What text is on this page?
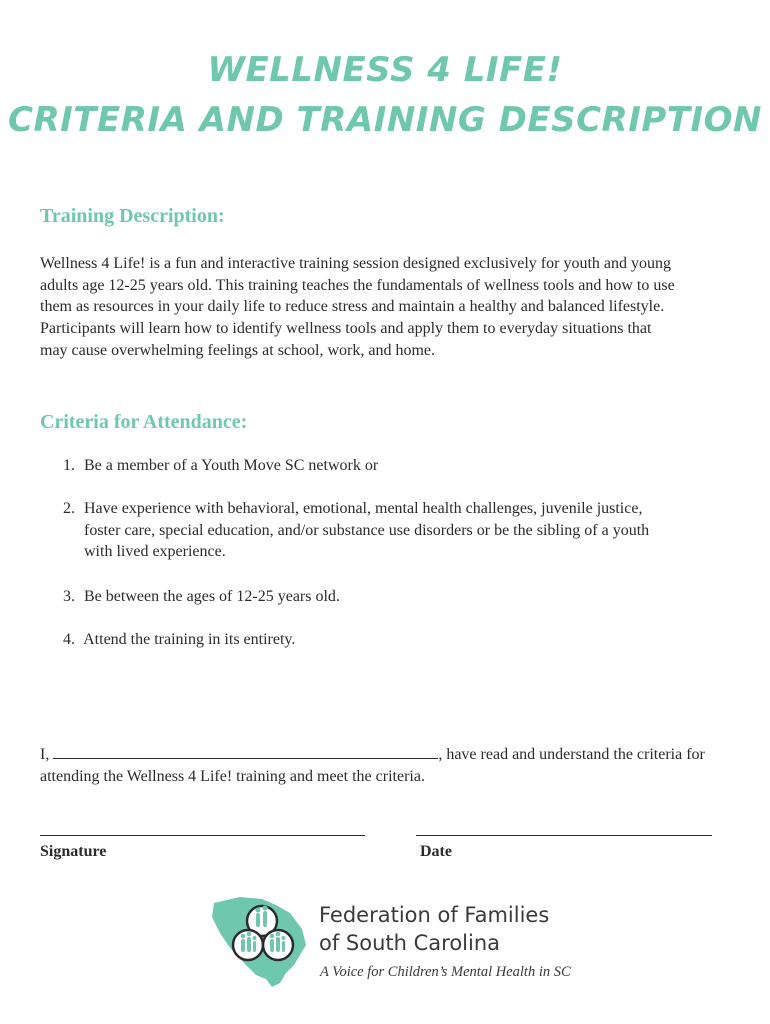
WELLNESS 4 LIFE!
CRITERIA AND TRAINING DESCRIPTION
Training Description:
Wellness 4 Life! is a fun and interactive training session designed exclusively for youth and young
adults age 12-25 years old. This training teaches the fundamentals of wellness tools and how to use
them as resources in your daily life to reduce stress and maintain a healthy and balanced lifestyle.
Participants will learn how to identify wellness tools and apply them to everyday situations that
may cause overwhelming feelings at school, work, and home.
Criteria for Attendance:
1. Be a member of a Youth Move SC network or
2. Have experience with behavioral, emotional, mental health challenges, juvenile justice,
foster care, special education, and/or substance use disorders or be the sibling of a youth
with lived experience.
3. Be between the ages of 12-25 years old.
4. Attend the training in its entirety.
I,	, have read and understand the criteria for
attending the Wellness 4 Life! training and meet the criteria.
Signature	Date
Federation of Families
of South Carolina
A Voice for Children’s Mental Health in SC
